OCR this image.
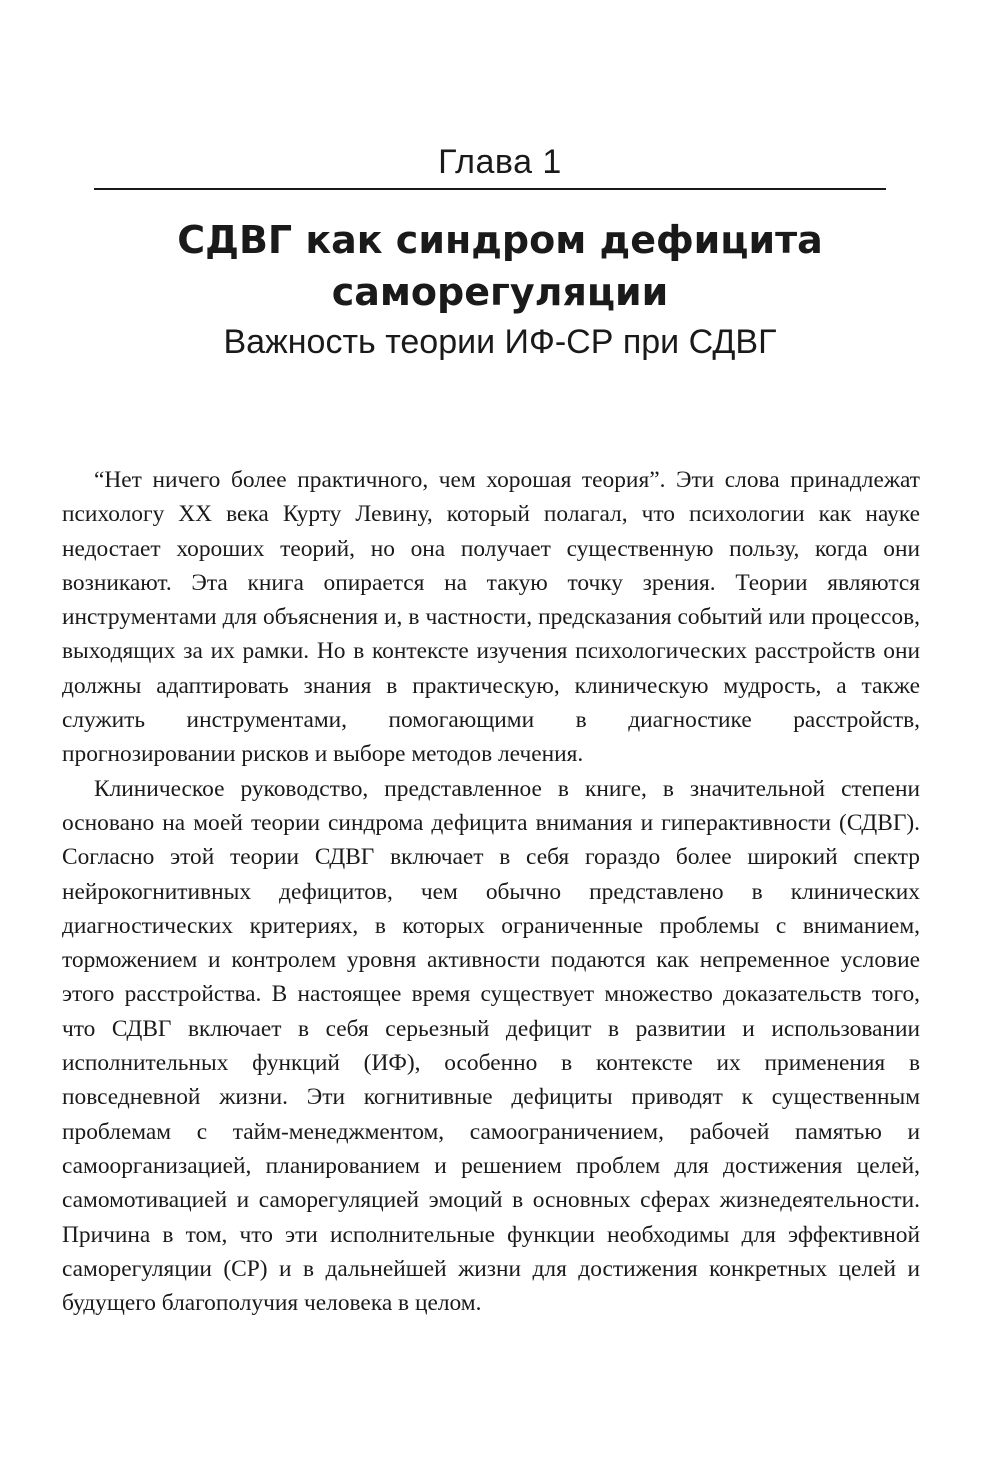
Глава 1
СДВГ как синдром дефицита
саморегуляции
Важность теории ИФ-СР при СДВГ

“Нет ничего более практичного, чем хорошая теория”. Эти слова принадлежат психологу XX века Курту Левину, который полагал, что психологии как науке недостает хороших теорий, но она получает существенную пользу, когда они возникают. Эта книга опирается на такую точку зрения. Теории являются инструментами для объяснения и, в частности, предсказания событий или процессов, выходящих за их рамки. Но в контексте изучения психологических расстройств они должны адаптировать знания в практическую, клиническую мудрость, а также служить инструментами, помогающими в диагностике расстройств, прогнозировании рисков и выборе методов лечения.

Клиническое руководство, представленное в книге, в значительной степени основано на моей теории синдрома дефицита внимания и гиперактивности (СДВГ). Согласно этой теории СДВГ включает в себя гораздо более широкий спектр нейрокогнитивных дефицитов, чем обычно представлено в клинических диагностических критериях, в которых ограниченные проблемы с вниманием, торможением и контролем уровня активности подаются как непременное условие этого расстройства. В настоящее время существует множество доказательств того, что СДВГ включает в себя серьезный дефицит в развитии и использовании исполнительных функций (ИФ), особенно в контексте их применения в повседневной жизни. Эти когнитивные дефициты приводят к существенным проблемам с тайм-менеджментом, самоограничением, рабочей памятью и самоорганизацией, планированием и решением проблем для достижения целей, самомотивацией и саморегуляцией эмоций в основных сферах жизнедеятельности. Причина в том, что эти исполнительные функции необходимы для эффективной саморегуляции (СР) и в дальнейшей жизни для достижения конкретных целей и будущего благополучия человека в целом.
